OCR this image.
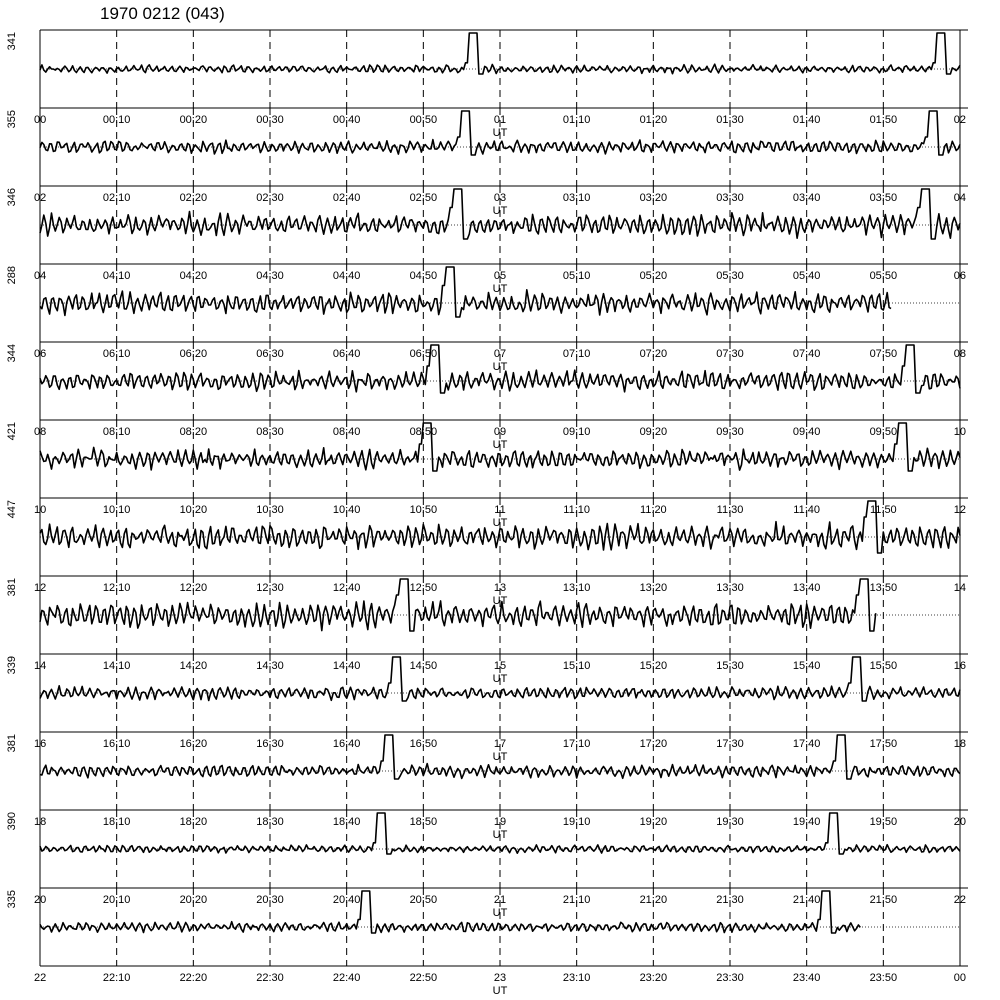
1970 0212 (043)
341
00	00:10	00:20	00:30	00:40	00:50	01	01:10	01:20	01:30	01:40	01:50	02
UT
355
02	02:10	02:20	02:30	02:40	02:50	03	03:10	03:20	03:30	03:40	03:50	04
UT
346
04	04:10	04:20	04:30	04:40	04:50	05	05:10	05:20	05:30	05:40	05:50	06
UT
288
06	06:10	06:20	06:30	06:40	06:50	07	07:10	07:20	07:30	07:40	07:50	08
UT
344
08	08:10	08:20	08:30	08:40	08:50	09	09:10	09:20	09:30	09:40	09:50	10
UT
421
10	10:10	10:20	10:30	10:40	10:50	11	11:10	11:20	11:30	11:40	11:50	12
UT
447
12	12:10	12:20	12:30	12:40	12:50	13	13:10	13:20	13:30	13:40	13:50	14
UT
381
14	14:10	14:20	14:30	14:40	14:50	15	15:10	15:20	15:30	15:40	15:50	16
UT
339
16	16:10	16:20	16:30	16:40	16:50	17	17:10	17:20	17:30	17:40	17:50	18
UT
381
18	18:10	18:20	18:30	18:40	18:50	19	19:10	19:20	19:30	19:40	19:50	20
UT
390
20	20:10	20:20	20:30	20:40	20:50	21	21:10	21:20	21:30	21:40	21:50	22
UT
335
22	22:10	22:20	22:30	22:40	22:50	23	23:10	23:20	23:30	23:40	23:50	00
UT
